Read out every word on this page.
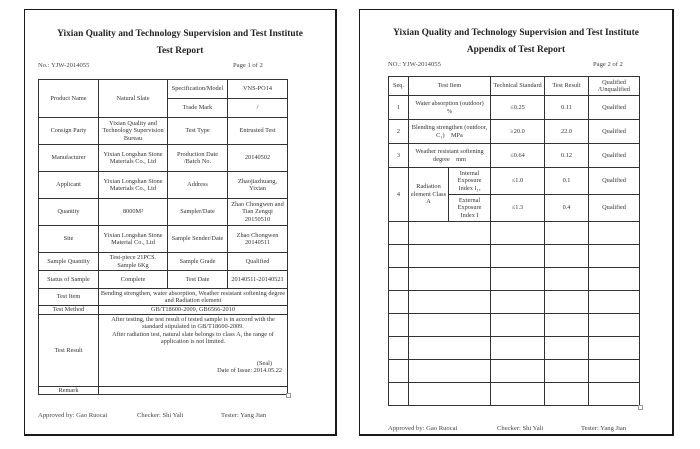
Yixian Quality and Technology Supervision and Test Institute
Test Report
No.: YJW-2014055	Page 1 of 2
Product Name	Natural Slate	Specification/Model	VNS-PO14
		Trade Mark	/
Consign Party	Yixian Quality and Technology Supervision Bureau	Test Type	Entrusted Test
Manufacturer	Yixian Longshan Stone Materials Co., Ltd	Production Date /Batch No.	20140502
Applicant	Yixian Longshan Stone Materials Co., Ltd	Address	Zhaojiazhuang, Yixian
Quantity	8000M²	Sampler/Date	Zhao Chongwen and Tian Zengqi 20150510
Site	Yixian Longshan Stone Material Co., Ltd	Sample Sender/Date	Zhao Chongwen 20140511
Sample Quantity	Test-piece 21PCS. Sample 6Kg	Sample Grade	Qualified
Status of Sample	Complete	Test Date	20140511-20140521
Test Item	Bending strengthen, water absorption, Weather resistant softening degree and Radiation element		
Test Method	GB/T18600-2009, GB6566-2010		
Test Result	After testing, the test result of tested sample is in accord with the standard stipulated in GB/T18600-2009.
After radiation test, natural slate belongs to class A, the range of application is not limited.
(Seal)
Date of Issue: 2014.05.22		

Remark			
Approved by: Gao Ruocai	Checker: Shi Yali	Tester: Yang Jian
Yixian Quality and Technology Supervision and Test Institute
Appendix of Test Report
NO.: YJW-2014055	Page 2 of 2
Seq.	Test Item		Technical Standard	Test Result	Qualified /Unqualified
1	Water absorption (outdoor)　%		≤0.25	0.11	Qualified
2	Blending strengthen (outdoor, C₁)　MPa		≥20.0	22.0	Qualified
3	Weather resistant softening degree　mm		≤0.64	0.12	Qualified
4	Radiation element Class A	Internal Exposure Index I₁ₐ	≤1.0	0.1	Qualified
		External Exposure Index I	≤1.3	0.4	Qualified

Approved by: Gao Ruocai	Checker: Shi Yali	Tester: Yang Jian
